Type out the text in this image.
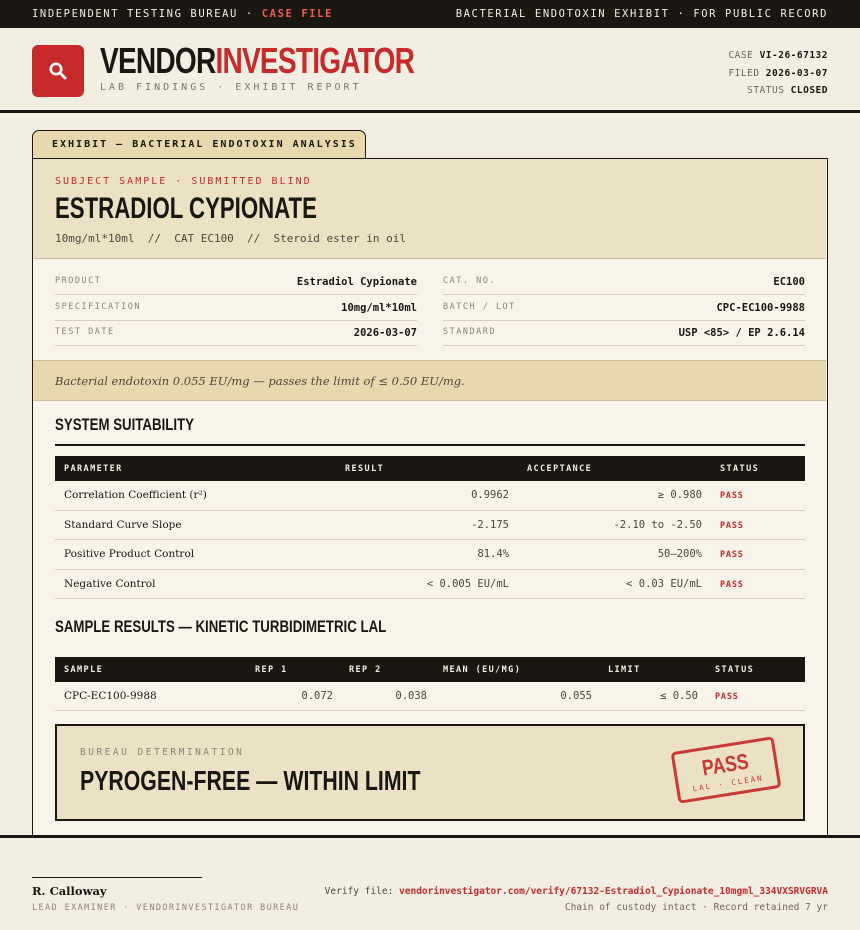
INDEPENDENT TESTING BUREAU · CASE FILE	BACTERIAL ENDOTOXIN EXHIBIT · FOR PUBLIC RECORD
VENDORINVESTIGATOR
LAB FINDINGS · EXHIBIT REPORT
CASE VI-26-67132
FILED 2026-03-07
STATUS CLOSED
EXHIBIT — BACTERIAL ENDOTOXIN ANALYSIS
SUBJECT SAMPLE · SUBMITTED BLIND
ESTRADIOL CYPIONATE
10mg/ml*10ml  //  CAT EC100  //  Steroid ester in oil
PRODUCT	Estradiol Cypionate
SPECIFICATION	10mg/ml*10ml
TEST DATE	2026-03-07
CAT. NO.	EC100
BATCH / LOT	CPC-EC100-9988
STANDARD	USP <85> / EP 2.6.14
Bacterial endotoxin 0.055 EU/mg — passes the limit of ≤ 0.50 EU/mg.
SYSTEM SUITABILITY
PARAMETER	RESULT	ACCEPTANCE	STATUS
Correlation Coefficient (r²)	0.9962	≥ 0.980 PASS
Standard Curve Slope	-2.175	-2.10 to -2.50 PASS
Positive Product Control	81.4%	50–200% PASS
Negative Control	< 0.005 EU/mL	< 0.03 EU/mL PASS
SAMPLE RESULTS — KINETIC TURBIDIMETRIC LAL
SAMPLE	REP 1	REP 2	MEAN (EU/MG)	LIMIT	STATUS
CPC-EC100-9988	0.072	0.038	0.055	≤ 0.50 PASS
BUREAU DETERMINATION
PYROGEN-FREE — WITHIN LIMIT	PASS
LAL · CLEAN
R. Calloway
LEAD EXAMINER · VENDORINVESTIGATOR BUREAU
Verify file: vendorinvestigator.com/verify/67132-Estradiol_Cypionate_10mgml_334VXSRVGRVA
Chain of custody intact · Record retained 7 yr
